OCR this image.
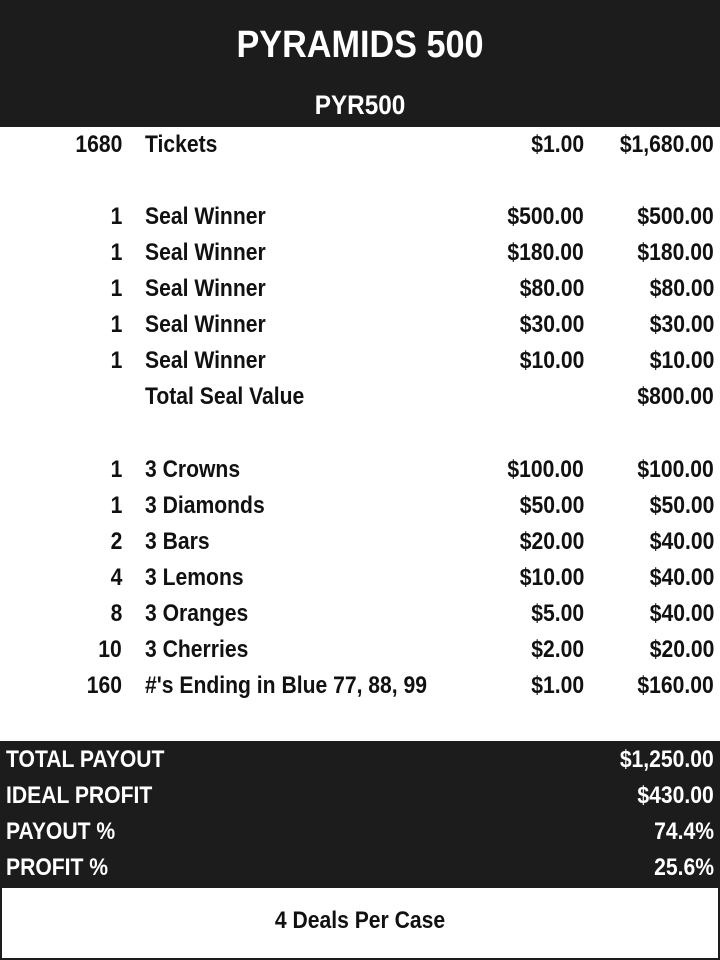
PYRAMIDS 500
PYR500
1680 Tickets	$1.00 $1,680.00
1 Seal Winner	$500.00 $500.00
1 Seal Winner	$180.00 $180.00
1 Seal Winner	$80.00	$80.00
1 Seal Winner	$30.00	$30.00
1 Seal Winner	$10.00	$10.00
Total Seal Value	$800.00
1 3 Crowns	$100.00 $100.00
1 3 Diamonds	$50.00	$50.00
2 3 Bars	$20.00	$40.00
4 3 Lemons	$10.00	$40.00
8 3 Oranges	$5.00	$40.00
10 3 Cherries	$2.00	$20.00
160 #'s Ending in Blue 77, 88, 99	$1.00 $160.00
TOTAL PAYOUT	$1,250.00
IDEAL PROFIT	$430.00
PAYOUT %	74.4%
PROFIT %	25.6%
4 Deals Per Case
